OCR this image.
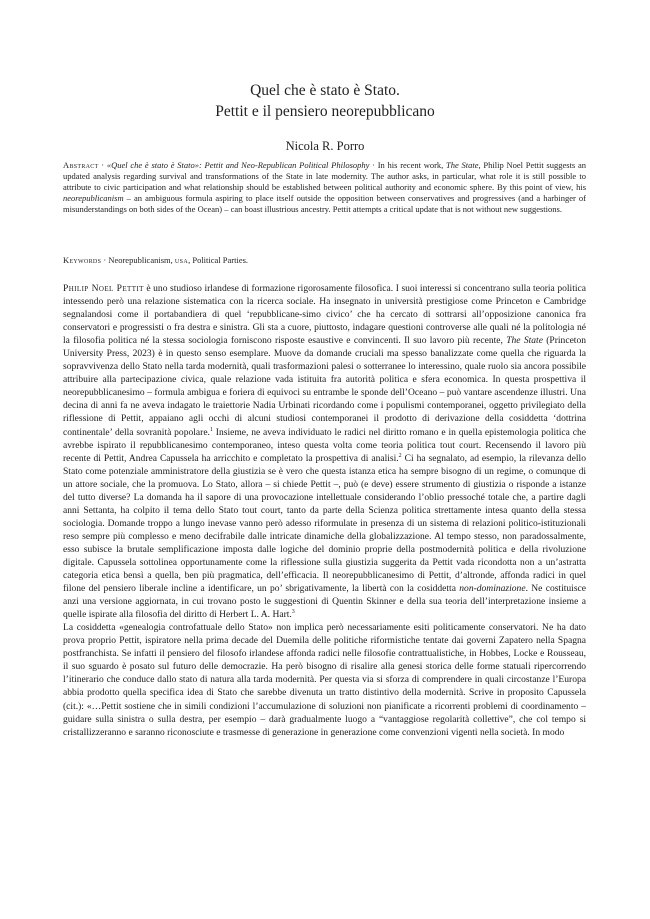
Quel che è stato è Stato.
Pettit e il pensiero neorepubblicano
Nicola R. Porro
Abstract · «Quel che è stato è Stato»: Pettit and Neo-Republican Political Philosophy · In his recent work, The State, Philip Noel Pettit suggests an updated analysis regarding survival and transformations of the State in late modernity. The author asks, in particular, what role it is still possible to attribute to civic participation and what relationship should be established between political authority and economic sphere. By this point of view, his neorepublicanism – an ambiguous formula aspiring to place itself outside the opposition between conservatives and progressives (and a harbinger of misunderstandings on both sides of the Ocean) – can boast illustrious ancestry. Pettit attempts a critical update that is not without new suggestions.
Keywords · Neorepublicanism, usa, Political Parties.

Philip Noel Pettit è uno studioso irlandese di formazione rigorosamente filosofica. I suoi interessi si concentrano sulla teoria politica intessendo però una relazione sistematica con la ricerca sociale. Ha insegnato in università prestigiose come Princeton e Cambridge segnalandosi come il portabandiera di quel ‘repubblicane-simo civico’ che ha cercato di sottrarsi all’opposizione canonica fra conservatori e progressisti o fra destra e sinistra. Gli sta a cuore, piuttosto, indagare questioni controverse alle quali né la politologia né la filosofia politica né la stessa sociologia forniscono risposte esaustive e convincenti. Il suo lavoro più recente, The State (Princeton University Press, 2023) è in questo senso esemplare. Muove da domande cruciali ma spesso banalizzate come quella che riguarda la sopravvivenza dello Stato nella tarda modernità, quali trasformazioni palesi o sotterranee lo interessino, quale ruolo sia ancora possibile attribuire alla partecipazione civica, quale relazione vada istituita fra autorità politica e sfera economica. In questa prospettiva il neorepubblicanesimo – formula ambigua e foriera di equivoci su entrambe le sponde dell’Oceano – può vantare ascendenze illustri. Una decina di anni fa ne aveva indagato le traiettorie Nadia Urbinati ricordando come i populismi contemporanei, oggetto privilegiato della riflessione di Pettit, appaiano agli occhi di alcuni studiosi contemporanei il prodotto di derivazione della cosiddetta ‘dottrina continentale’ della sovranità popolare.$^1$ Insieme, ne aveva individuato le radici nel diritto romano e in quella epistemologia politica che avrebbe ispirato il repubblicanesimo contemporaneo, inteso questa volta come teoria politica tout court. Recensendo il lavoro più recente di Pettit, Andrea Capussela ha arricchito e completato la prospettiva di analisi.$^2$ Ci ha segnalato, ad esempio, la rilevanza dello Stato come potenziale amministratore della giustizia se è vero che questa istanza etica ha sempre bisogno di un regime, o comunque di un attore sociale, che la promuova. Lo Stato, allora – si chiede Pettit –, può (e deve) essere strumento di giustizia o risponde a istanze del tutto diverse? La domanda ha il sapore di una provocazione intellettuale considerando l’oblio pressoché totale che, a partire dagli anni Settanta, ha colpito il tema dello Stato tout court, tanto da parte della Scienza politica strettamente intesa quanto della stessa sociologia. Domande troppo a lungo inevase vanno però adesso riformulate in presenza di un sistema di relazioni politico-istituzionali reso sempre più complesso e meno decifrabile dalle intricate dinamiche della globalizzazione. Al tempo stesso, non paradossalmente, esso subisce la brutale semplificazione imposta dalle logiche del dominio proprie della postmodernità politica e della rivoluzione digitale. Capussela sottolinea opportunamente come la riflessione sulla giustizia suggerita da Pettit vada ricondotta non a un’astratta categoria etica bensì a quella, ben più pragmatica, dell’efficacia. Il neorepubblicanesimo di Pettit, d’altronde, affonda radici in quel filone del pensiero liberale incline a identificare, un po’ sbrigativamente, la libertà con la cosiddetta non-dominazione. Ne costituisce anzi una versione aggiornata, in cui trovano posto le suggestioni di Quentin Skinner e della sua teoria dell’interpretazione insieme a quelle ispirate alla filosofia del diritto di Herbert L. A. Hart.$^3$

La cosiddetta «genealogia controfattuale dello Stato» non implica però necessariamente esiti politicamente conservatori. Ne ha dato prova proprio Pettit, ispiratore nella prima decade del Duemila delle politiche riformistiche tentate dai governi Zapatero nella Spagna postfranchista. Se infatti il pensiero del filosofo irlandese affonda radici nelle filosofie contrattualistiche, in Hobbes, Locke e Rousseau, il suo sguardo è posato sul futuro delle democrazie. Ha però bisogno di risalire alla genesi storica delle forme statuali ripercorrendo l’itinerario che conduce dallo stato di natura alla tarda modernità. Per questa via si sforza di comprendere in quali circostanze l’Europa abbia prodotto quella specifica idea di Stato che sarebbe divenuta un tratto distintivo della modernità. Scrive in proposito Capussela (cit.): «…Pettit sostiene che in simili condizioni l’accumulazione di soluzioni non pianificate a ricorrenti problemi di coordinamento – guidare sulla sinistra o sulla destra, per esempio – darà gradualmente luogo a “vantaggiose regolarità collettive”, che col tempo si cristallizzeranno e saranno riconosciute e trasmesse di generazione in generazione come convenzioni vigenti nella società. In modo
